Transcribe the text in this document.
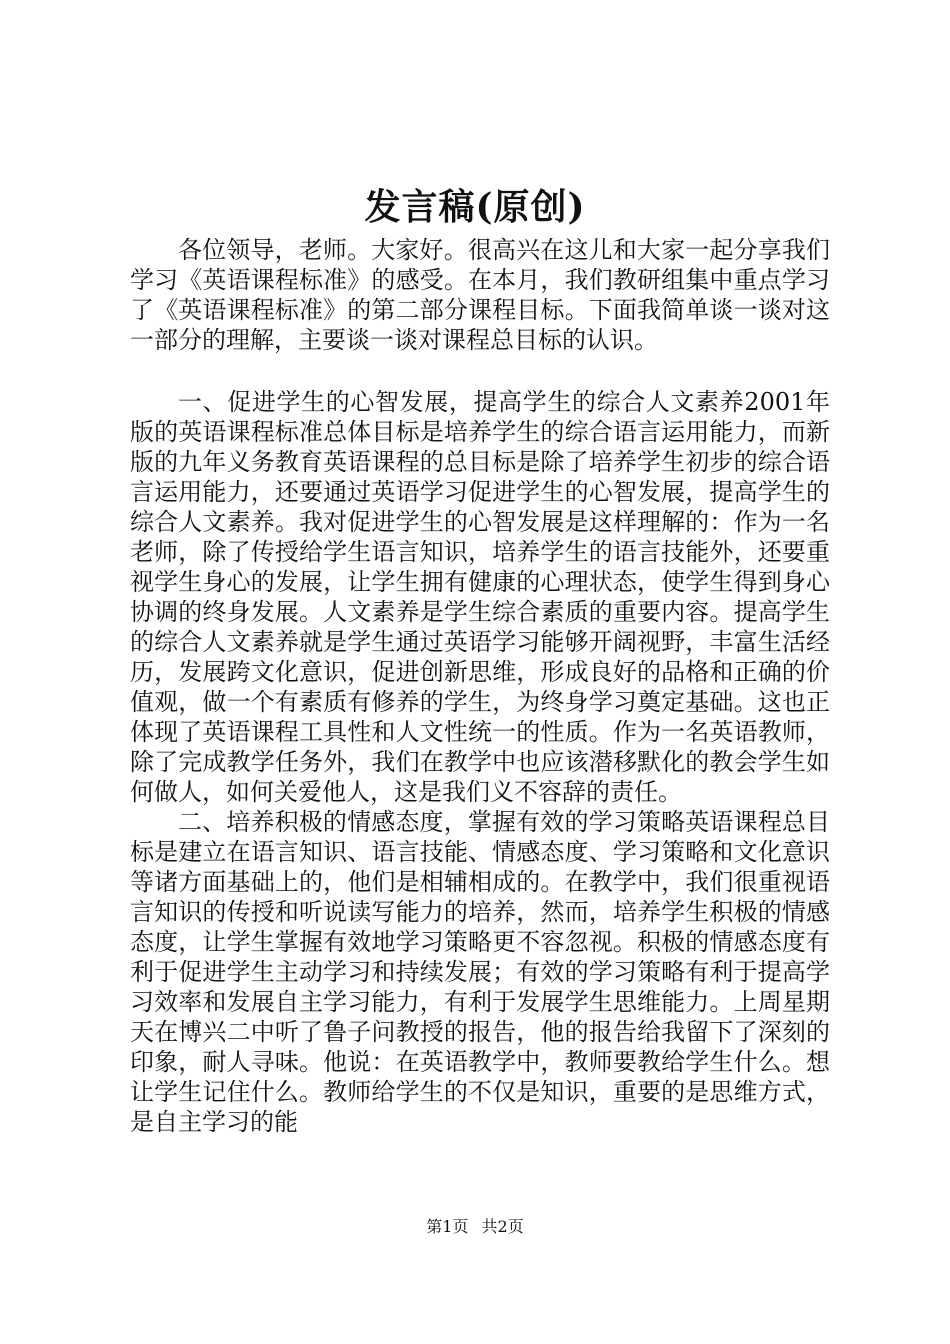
发言稿(原创)

各位领导，老师。大家好。很高兴在这儿和大家一起分享我们学习《英语课程标准》的感受。在本月，我们教研组集中重点学习了《英语课程标准》的第二部分课程目标。下面我简单谈一谈对这一部分的理解，主要谈一谈对课程总目标的认识。

一、促进学生的心智发展，提高学生的综合人文素养2001年版的英语课程标准总体目标是培养学生的综合语言运用能力，而新版的九年义务教育英语课程的总目标是除了培养学生初步的综合语言运用能力，还要通过英语学习促进学生的心智发展，提高学生的综合人文素养。我对促进学生的心智发展是这样理解的：作为一名老师，除了传授给学生语言知识，培养学生的语言技能外，还要重视学生身心的发展，让学生拥有健康的心理状态，使学生得到身心协调的终身发展。人文素养是学生综合素质的重要内容。提高学生的综合人文素养就是学生通过英语学习能够开阔视野，丰富生活经历，发展跨文化意识，促进创新思维，形成良好的品格和正确的价值观，做一个有素质有修养的学生，为终身学习奠定基础。这也正体现了英语课程工具性和人文性统一的性质。作为一名英语教师，除了完成教学任务外，我们在教学中也应该潜移默化的教会学生如何做人，如何关爱他人，这是我们义不容辞的责任。

二、培养积极的情感态度，掌握有效的学习策略英语课程总目标是建立在语言知识、语言技能、情感态度、学习策略和文化意识等诸方面基础上的，他们是相辅相成的。在教学中，我们很重视语言知识的传授和听说读写能力的培养，然而，培养学生积极的情感态度，让学生掌握有效地学习策略更不容忽视。积极的情感态度有利于促进学生主动学习和持续发展；有效的学习策略有利于提高学习效率和发展自主学习能力，有利于发展学生思维能力。上周星期天在博兴二中听了鲁子问教授的报告，他的报告给我留下了深刻的印象，耐人寻味。他说：在英语教学中，教师要教给学生什么。想让学生记住什么。教师给学生的不仅是知识，重要的是思维方式，是自主学习的能

第1页 共2页
